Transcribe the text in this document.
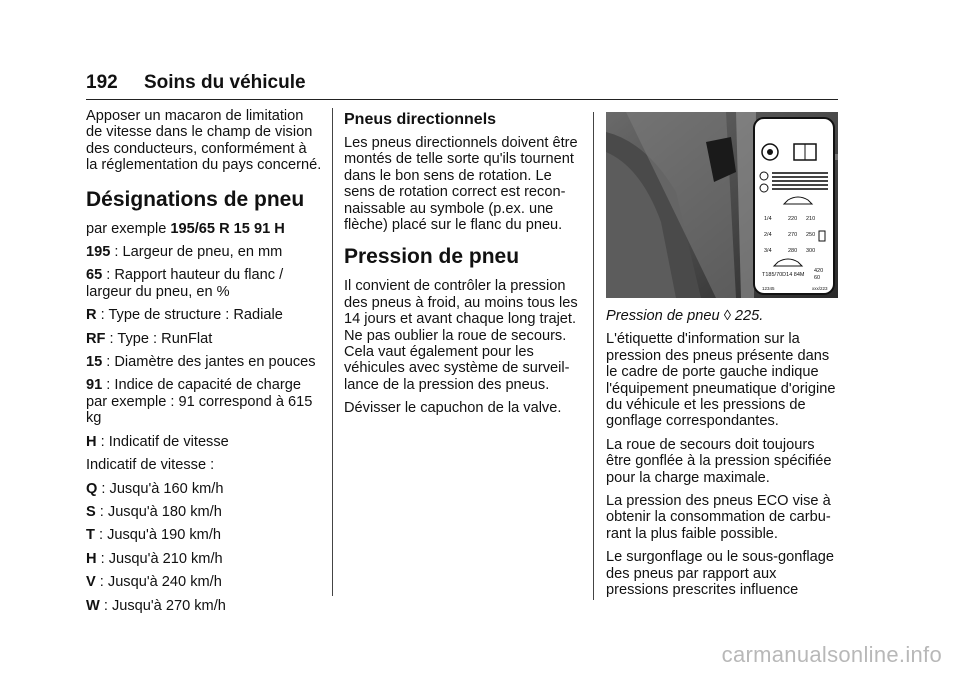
192 Soins du véhicule

Apposer un macaron de limitation de vitesse dans le champ de vision des conducteurs, conformément à la réglementation du pays concerné.

Désignations de pneu

par exemple 195/65 R 15 91 H

195 : Largeur de pneu, en mm

65 : Rapport hauteur du flanc / largeur du pneu, en %

R : Type de structure : Radiale

RF : Type : RunFlat

15 : Diamètre des jantes en pouces

91 : Indice de capacité de charge par exemple : 91 correspond à 615 kg

H : Indicatif de vitesse

Indicatif de vitesse :

Q : Jusqu'à 160 km/h

S : Jusqu'à 180 km/h

T : Jusqu'à 190 km/h

H : Jusqu'à 210 km/h

V : Jusqu'à 240 km/h

W : Jusqu'à 270 km/h

Pneus directionnels

Les pneus directionnels doivent être montés de telle sorte qu'ils tournent dans le bon sens de rotation. Le sens de rotation correct est recon-naissable au symbole (p.ex. une flèche) placé sur le flanc du pneu.

Pression de pneu

Il convient de contrôler la pression des pneus à froid, au moins tous les 14 jours et avant chaque long trajet. Ne pas oublier la roue de secours. Cela vaut également pour les véhicules avec système de surveil-lance de la pression des pneus.

Dévisser le capuchon de la valve.

1/4	220 210
2/4	270 250
3/4	280 300
T185/70D14 84M
420
60
12345	xxx/223

Pression de pneu ◊ 225.

L'étiquette d'information sur la pression des pneus présente dans le cadre de porte gauche indique l'équipement pneumatique d'origine du véhicule et les pressions de gonflage correspondantes.

La roue de secours doit toujours être gonflée à la pression spécifiée pour la charge maximale.

La pression des pneus ECO vise à obtenir la consommation de carbu-rant la plus faible possible.

Le surgonflage ou le sous-gonflage des pneus par rapport aux pressions prescrites influence

carmanualsonline.info
